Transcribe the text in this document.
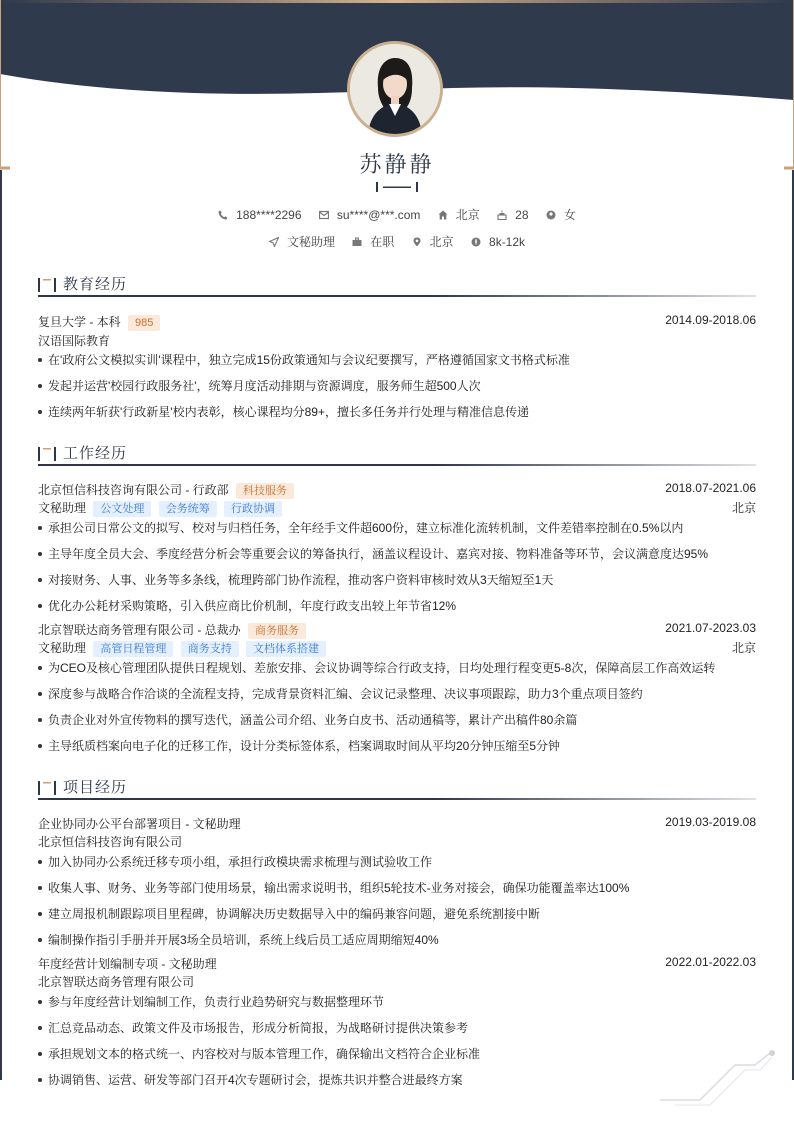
苏静静
188****2296
	su****@***.com
	北京
	28
	女
文秘助理
	在职
	北京
	8k-12k
教育经历
复旦大学 - 本科 985	2014.09-2018.06
汉语国际教育
在'政府公文模拟实训'课程中，独立完成15份政策通知与会议纪要撰写，严格遵循国家文书格式标准
发起并运营'校园行政服务社'，统筹月度活动排期与资源调度，服务师生超500人次
连续两年斩获'行政新星'校内表彰，核心课程均分89+，擅长多任务并行处理与精准信息传递
工作经历
北京恒信科技咨询有限公司 - 行政部 科技服务	2018.07-2021.06
文秘助理 公文处理 会务统筹 行政协调	北京
承担公司日常公文的拟写、校对与归档任务，全年经手文件超600份，建立标准化流转机制，文件差错率控制在0.5%以内
主导年度全员大会、季度经营分析会等重要会议的筹备执行，涵盖议程设计、嘉宾对接、物料准备等环节，会议满意度达95%
对接财务、人事、业务等多条线，梳理跨部门协作流程，推动客户资料审核时效从3天缩短至1天
优化办公耗材采购策略，引入供应商比价机制，年度行政支出较上年节省12%
北京智联达商务管理有限公司 - 总裁办 商务服务	2021.07-2023.03
文秘助理 高管日程管理 商务支持 文档体系搭建	北京
为CEO及核心管理团队提供日程规划、差旅安排、会议协调等综合行政支持，日均处理行程变更5-8次，保障高层工作高效运转
深度参与战略合作洽谈的全流程支持，完成背景资料汇编、会议记录整理、决议事项跟踪，助力3个重点项目签约
负责企业对外宣传物料的撰写迭代，涵盖公司介绍、业务白皮书、活动通稿等，累计产出稿件80余篇
主导纸质档案向电子化的迁移工作，设计分类标签体系，档案调取时间从平均20分钟压缩至5分钟
项目经历
企业协同办公平台部署项目 - 文秘助理	2019.03-2019.08
北京恒信科技咨询有限公司
加入协同办公系统迁移专项小组，承担行政模块需求梳理与测试验收工作
收集人事、财务、业务等部门使用场景，输出需求说明书，组织5轮技术-业务对接会，确保功能覆盖率达100%
建立周报机制跟踪项目里程碑，协调解决历史数据导入中的编码兼容问题，避免系统割接中断
编制操作指引手册并开展3场全员培训，系统上线后员工适应周期缩短40%
年度经营计划编制专项 - 文秘助理	2022.01-2022.03
北京智联达商务管理有限公司
参与年度经营计划编制工作，负责行业趋势研究与数据整理环节
汇总竞品动态、政策文件及市场报告，形成分析简报，为战略研讨提供决策参考
承担规划文本的格式统一、内容校对与版本管理工作，确保输出文档符合企业标准
协调销售、运营、研发等部门召开4次专题研讨会，提炼共识并整合进最终方案
